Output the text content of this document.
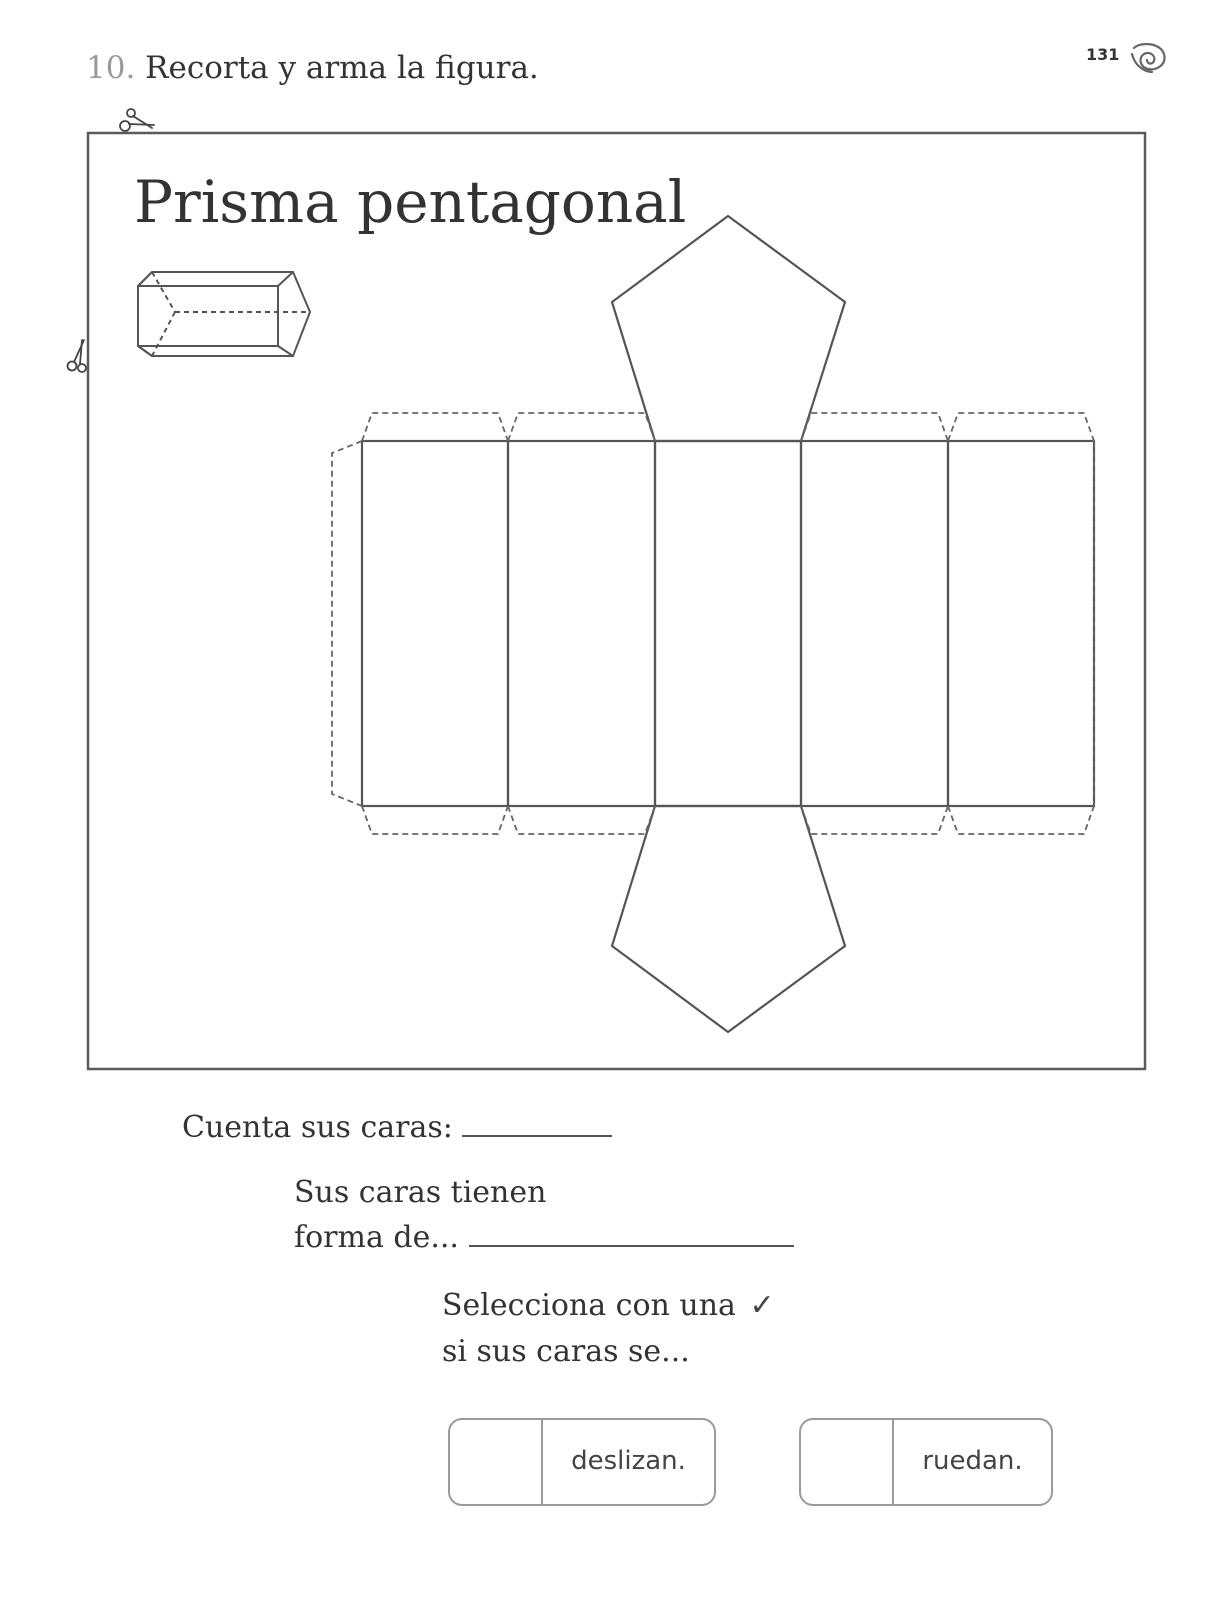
10. Recorta y arma la figura.	131
Prisma pentagonal
Cuenta sus caras:
Sus caras tienen
forma de...
Selecciona con una ✓
si sus caras se...
deslizan.	ruedan.
